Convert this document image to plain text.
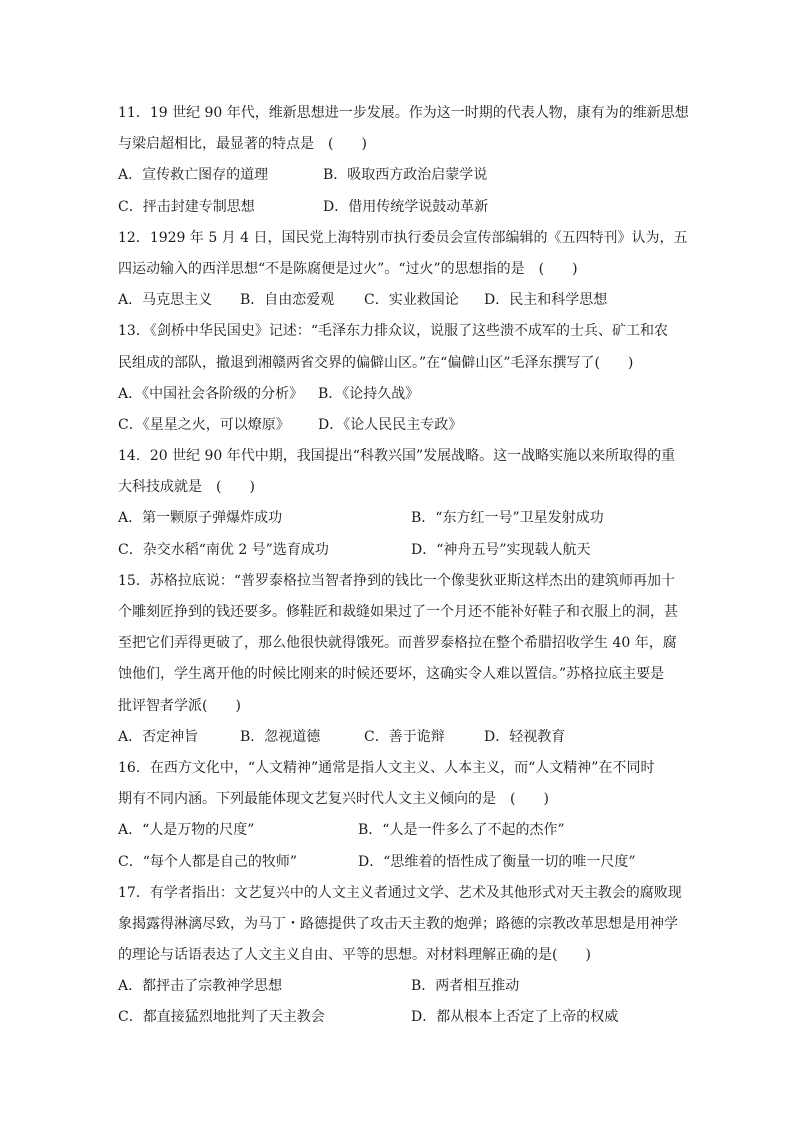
11．19 世纪 90 年代，维新思想进一步发展。作为这一时期的代表人物，康有为的维新思想
与梁启超相比，最显著的特点是　(　　)
A．宣传救亡图存的道理	B．吸取西方政治启蒙学说
C．抨击封建专制思想	D．借用传统学说鼓动革新
12．1929 年 5 月 4 日，国民党上海特别市执行委员会宣传部编辑的《五四特刊》认为，五
四运动输入的西洋思想“不是陈腐便是过火”。“过火”的思想指的是　(　　)
A．马克思主义	B．自由恋爱观	C．实业救国论	D．民主和科学思想
13．《剑桥中华民国史》记述：“毛泽东力排众议，说服了这些溃不成军的士兵、矿工和农
民组成的部队，撤退到湘赣两省交界的偏僻山区。”在“偏僻山区”毛泽东撰写了(　　)
A．《中国社会各阶级的分析》	B．《论持久战》
C．《星星之火，可以燎原》	D．《论人民民主专政》
14．20 世纪 90 年代中期，我国提出“科教兴国”发展战略。这一战略实施以来所取得的重
大科技成就是　(　　)
A．第一颗原子弹爆炸成功	B．“东方红一号”卫星发射成功
C．杂交水稻“南优 2 号”选育成功	D．“神舟五号”实现载人航天
15．苏格拉底说：“普罗泰格拉当智者挣到的钱比一个像斐狄亚斯这样杰出的建筑师再加十
个雕刻匠挣到的钱还要多。修鞋匠和裁缝如果过了一个月还不能补好鞋子和衣服上的洞，甚
至把它们弄得更破了，那么他很快就得饿死。而普罗泰格拉在整个希腊招收学生 40 年，腐
蚀他们，学生离开他的时候比刚来的时候还要坏，这确实令人难以置信。”苏格拉底主要是
批评智者学派(　　)
A．否定神旨	B．忽视道德	C．善于诡辩	D．轻视教育
16．在西方文化中，“人文精神”通常是指人文主义、人本主义，而“人文精神”在不同时
期有不同内涵。下列最能体现文艺复兴时代人文主义倾向的是　(　　)
A．“人是万物的尺度”	B．“人是一件多么了不起的杰作”
C．“每个人都是自己的牧师”	D．“思维着的悟性成了衡量一切的唯一尺度”
17．有学者指出：文艺复兴中的人文主义者通过文学、艺术及其他形式对天主教会的腐败现
象揭露得淋漓尽致，为马丁・路德提供了攻击天主教的炮弹；路德的宗教改革思想是用神学
的理论与话语表达了人文主义自由、平等的思想。对材料理解正确的是(　　)
A．都抨击了宗教神学思想	B．两者相互推动
C．都直接猛烈地批判了天主教会	D．都从根本上否定了上帝的权威
